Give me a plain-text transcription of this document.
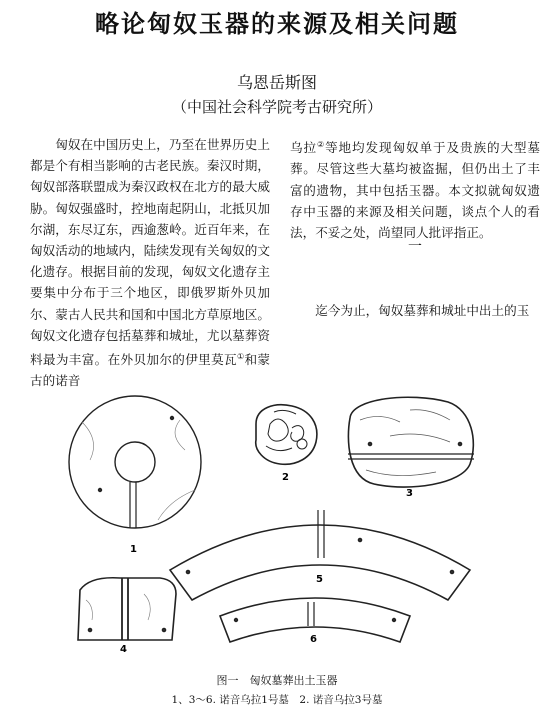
略论匈奴玉器的来源及相关问题
乌恩岳斯图
（中国社会科学院考古研究所）

匈奴在中国历史上，乃至在世界历史上都是个有相当影响的古老民族。秦汉时期，匈奴部落联盟成为秦汉政权在北方的最大威胁。匈奴强盛时，控地南起阴山，北抵贝加尔湖，东尽辽东，西逾葱岭。近百年来，在匈奴活动的地域内，陆续发现有关匈奴的文化遗存。根据目前的发现，匈奴文化遗存主要集中分布于三个地区，即俄罗斯外贝加尔、蒙古人民共和国和中国北方草原地区。匈奴文化遗存包括墓葬和城址，尤以墓葬资料最为丰富。在外贝加尔的伊里莫瓦①和蒙古的诺音

乌拉②等地均发现匈奴单于及贵族的大型墓葬。尽管这些大墓均被盗掘，但仍出土了丰富的遗物，其中包括玉器。本文拟就匈奴遗存中玉器的来源及相关问题，谈点个人的看法，不妥之处，尚望同人批评指正。

一

迄今为止，匈奴墓葬和城址中出土的玉

1
2
3
4
5
6
图一　匈奴墓葬出土玉器
1、3～6. 诺音乌拉1号墓　2. 诺音乌拉3号墓
